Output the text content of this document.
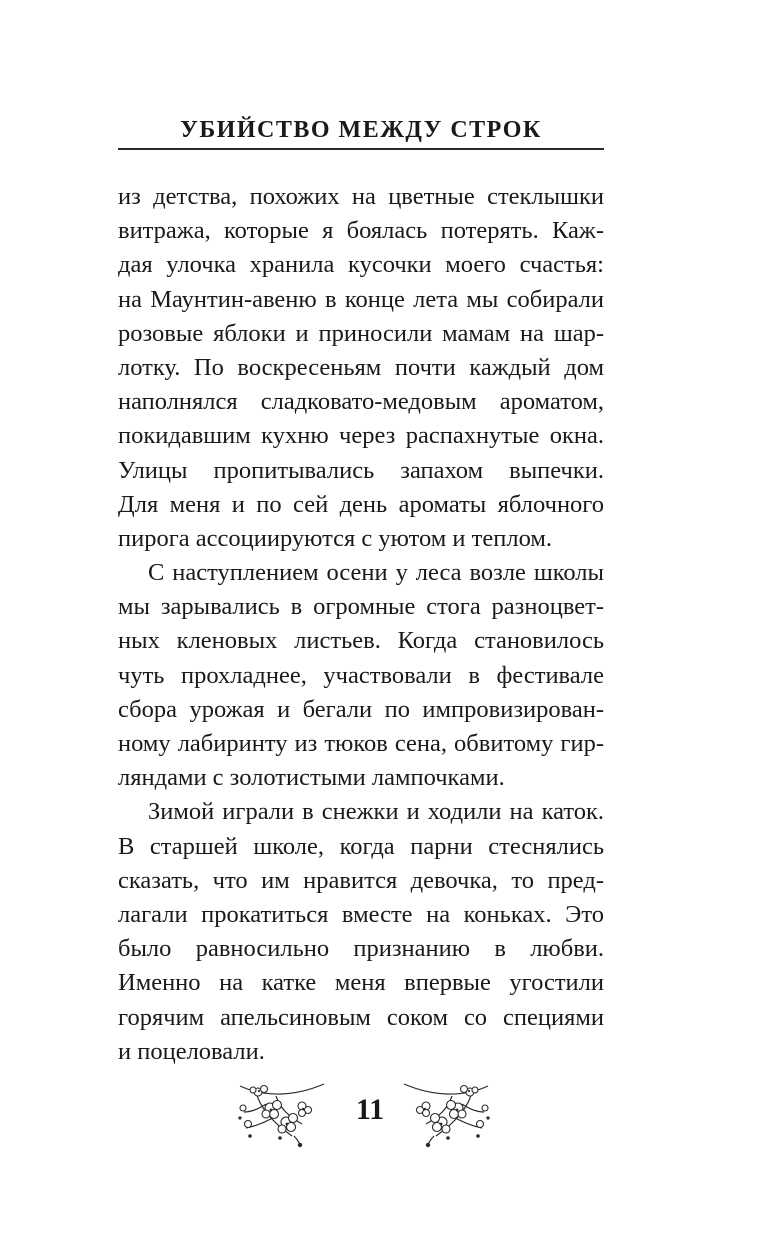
УБИЙСТВО МЕЖДУ СТРОК
из детства, похожих на цветные стеклышки
витража, которые я боялась потерять. Каж-
дая улочка хранила кусочки моего счастья:
на Маунтин-авеню в конце лета мы собирали
розовые яблоки и приносили мамам на шар-
лотку. По воскресеньям почти каждый дом
наполнялся сладковато-медовым ароматом,
покидавшим кухню через распахнутые окна.
Улицы пропитывались запахом выпечки.
Для меня и по сей день ароматы яблочного
пирога ассоциируются с уютом и теплом.
С наступлением осени у леса возле школы
мы зарывались в огромные стога разноцвет-
ных кленовых листьев. Когда становилось
чуть прохладнее, участвовали в фестивале
сбора урожая и бегали по импровизирован-
ному лабиринту из тюков сена, обвитому гир-
ляндами с золотистыми лампочками.
Зимой играли в снежки и ходили на каток.
В старшей школе, когда парни стеснялись
сказать, что им нравится девочка, то пред-
лагали прокатиться вместе на коньках. Это
было равносильно признанию в любви.
Именно на катке меня впервые угостили
горячим апельсиновым соком со специями
и поцеловали.
11
